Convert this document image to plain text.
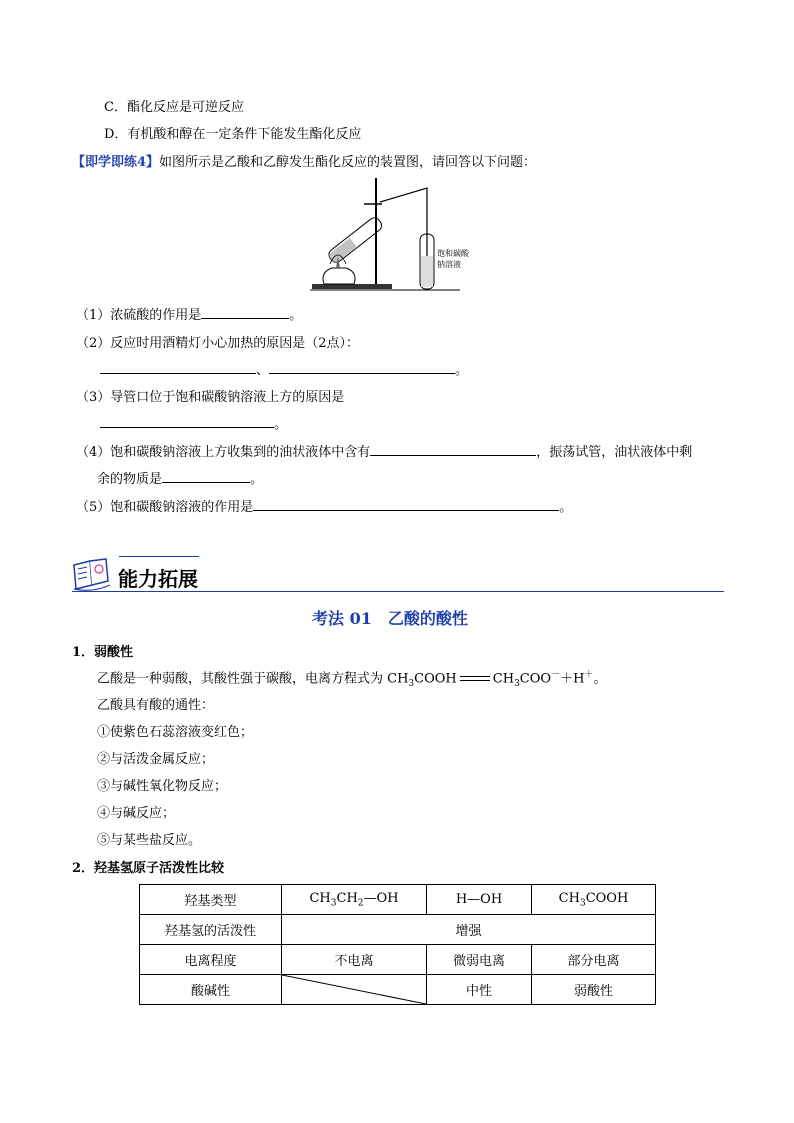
C．酯化反应是可逆反应
D．有机酸和醇在一定条件下能发生酯化反应
【即学即练4】如图所示是乙酸和乙醇发生酯化反应的装置图，请回答以下问题：
饱和碳酸
钠溶液
（1）浓硫酸的作用是	。
（2）反应时用酒精灯小心加热的原因是（2点）：
、	。
（3）导管口位于饱和碳酸钠溶液上方的原因是
。
（4）饱和碳酸钠溶液上方收集到的油状液体中含有	，振荡试管，油状液体中剩
余的物质是	。
（5）饱和碳酸钠溶液的作用是	。
能力拓展
考法 01　乙酸的酸性
1．弱酸性
乙酸是一种弱酸，其酸性强于碳酸，电离方程式为 $CH_3COOH$	$CH_3COO^-+H^+$。
乙酸具有酸的通性：
①使紫色石蕊溶液变红色；
②与活泼金属反应；
③与碱性氧化物反应；
④与碱反应；
⑤与某些盐反应。
2．羟基氢原子活泼性比较
羟基类型	$CH_3CH_2—OH$	H—OH	$CH_3COOH$
羟基氢的活泼性	增强		
电离程度	不电离	微弱电离	部分电离
酸碱性		中性	弱酸性
